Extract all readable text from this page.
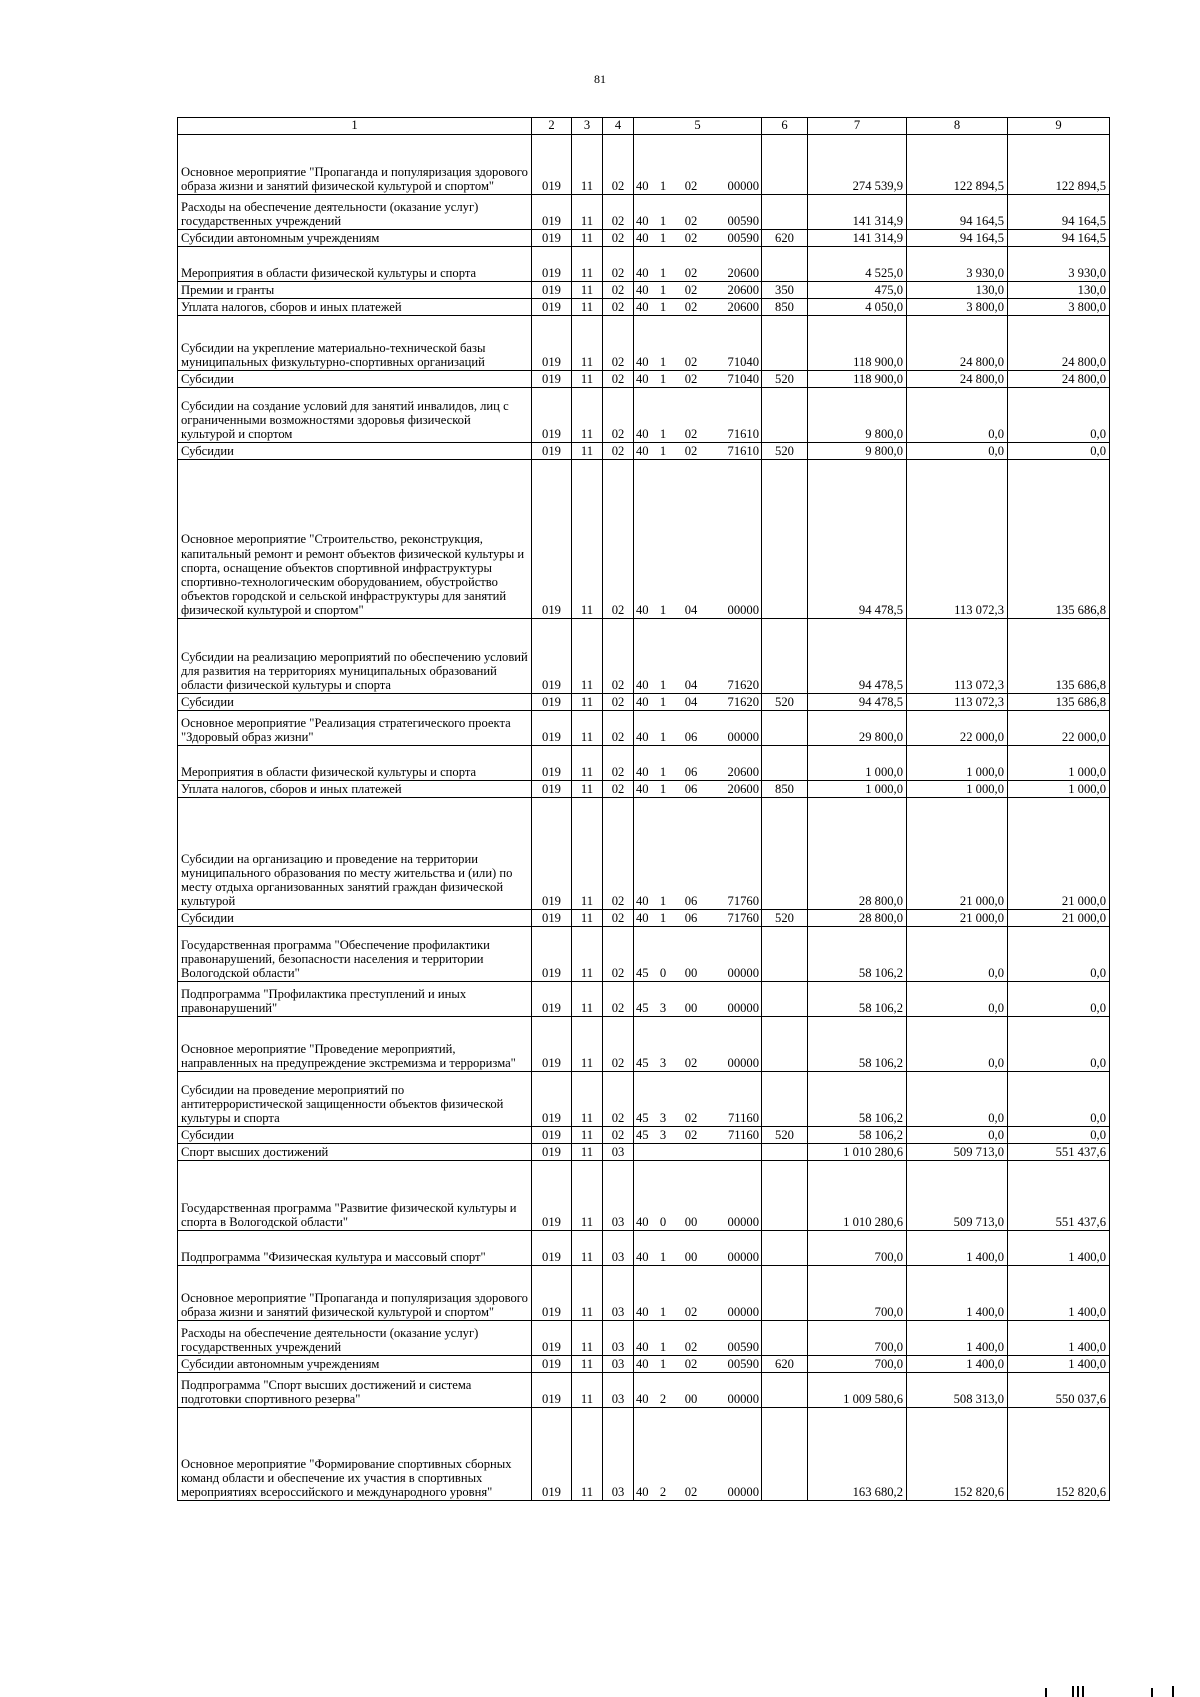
81
1	2	3	4	5	6	7	8	9
Основное мероприятие "Пропаганда и популяризация здорового образа жизни и занятий физической культурой и спортом"	019	11	02	40 1 02 00000		274 539,9	122 894,5	122 894,5
Расходы на обеспечение деятельности (оказание услуг) государственных учреждений	019	11	02	40 1 02 00590		141 314,9	94 164,5	94 164,5
Субсидии автономным учреждениям	019	11	02	40 1 02 00590	620	141 314,9	94 164,5	94 164,5
Мероприятия в области физической культуры и спорта	019	11	02	40 1 02 20600		4 525,0	3 930,0	3 930,0
Премии и гранты	019	11	02	40 1 02 20600	350	475,0	130,0	130,0
Уплата налогов, сборов и иных платежей	019	11	02	40 1 02 20600	850	4 050,0	3 800,0	3 800,0
Субсидии на укрепление материально-технической базы муниципальных физкультурно-спортивных организаций	019	11	02	40 1 02 71040		118 900,0	24 800,0	24 800,0
Субсидии	019	11	02	40 1 02 71040	520	118 900,0	24 800,0	24 800,0
Субсидии на создание условий для занятий инвалидов, лиц с ограниченными возможностями здоровья физической культурой и спортом	019	11	02	40 1 02 71610		9 800,0	0,0	0,0
Субсидии	019	11	02	40 1 02 71610	520	9 800,0	0,0	0,0
Основное мероприятие "Строительство, реконструкция, капитальный ремонт и ремонт объектов физической культуры и спорта, оснащение объектов спортивной инфраструктуры спортивно-технологическим оборудованием, обустройство объектов городской и сельской инфраструктуры для занятий физической культурой и спортом"	019	11	02	40 1 04 00000		94 478,5	113 072,3	135 686,8
Субсидии на реализацию мероприятий по обеспечению условий для развития на территориях муниципальных образований области физической культуры и спорта	019	11	02	40 1 04 71620		94 478,5	113 072,3	135 686,8
Субсидии	019	11	02	40 1 04 71620	520	94 478,5	113 072,3	135 686,8
Основное мероприятие "Реализация стратегического проекта "Здоровый образ жизни"	019	11	02	40 1 06 00000		29 800,0	22 000,0	22 000,0
Мероприятия в области физической культуры и спорта	019	11	02	40 1 06 20600		1 000,0	1 000,0	1 000,0
Уплата налогов, сборов и иных платежей	019	11	02	40 1 06 20600	850	1 000,0	1 000,0	1 000,0
Субсидии на организацию и проведение на территории муниципального образования по месту жительства и (или) по месту отдыха организованных занятий граждан физической культурой	019	11	02	40 1 06 71760		28 800,0	21 000,0	21 000,0
Субсидии	019	11	02	40 1 06 71760	520	28 800,0	21 000,0	21 000,0
Государственная программа "Обеспечение профилактики правонарушений, безопасности населения и территории Вологодской области"	019	11	02	45 0 00 00000		58 106,2	0,0	0,0
Подпрограмма "Профилактика преступлений и иных правонарушений"	019	11	02	45 3 00 00000		58 106,2	0,0	0,0
Основное мероприятие "Проведение мероприятий, направленных на предупреждение экстремизма и терроризма"	019	11	02	45 3 02 00000		58 106,2	0,0	0,0
Субсидии на проведение мероприятий по антитеррористической защищенности объектов физической культуры и спорта	019	11	02	45 3 02 71160		58 106,2	0,0	0,0
Субсидии	019	11	02	45 3 02 71160	520	58 106,2	0,0	0,0
Спорт высших достижений	019	11	03			1 010 280,6	509 713,0	551 437,6
Государственная программа "Развитие физической культуры и спорта в Вологодской области"	019	11	03	40 0 00 00000		1 010 280,6	509 713,0	551 437,6
Подпрограмма "Физическая культура и массовый спорт"	019	11	03	40 1 00 00000		700,0	1 400,0	1 400,0
Основное мероприятие "Пропаганда и популяризация здорового образа жизни и занятий физической культурой и спортом"	019	11	03	40 1 02 00000		700,0	1 400,0	1 400,0
Расходы на обеспечение деятельности (оказание услуг) государственных учреждений	019	11	03	40 1 02 00590		700,0	1 400,0	1 400,0
Субсидии автономным учреждениям	019	11	03	40 1 02 00590	620	700,0	1 400,0	1 400,0
Подпрограмма "Спорт высших достижений и система подготовки спортивного резерва"	019	11	03	40 2 00 00000		1 009 580,6	508 313,0	550 037,6
Основное мероприятие "Формирование спортивных сборных команд области и обеспечение их участия в спортивных мероприятиях всероссийского и международного уровня"	019	11	03	40 2 02 00000		163 680,2	152 820,6	152 820,6
